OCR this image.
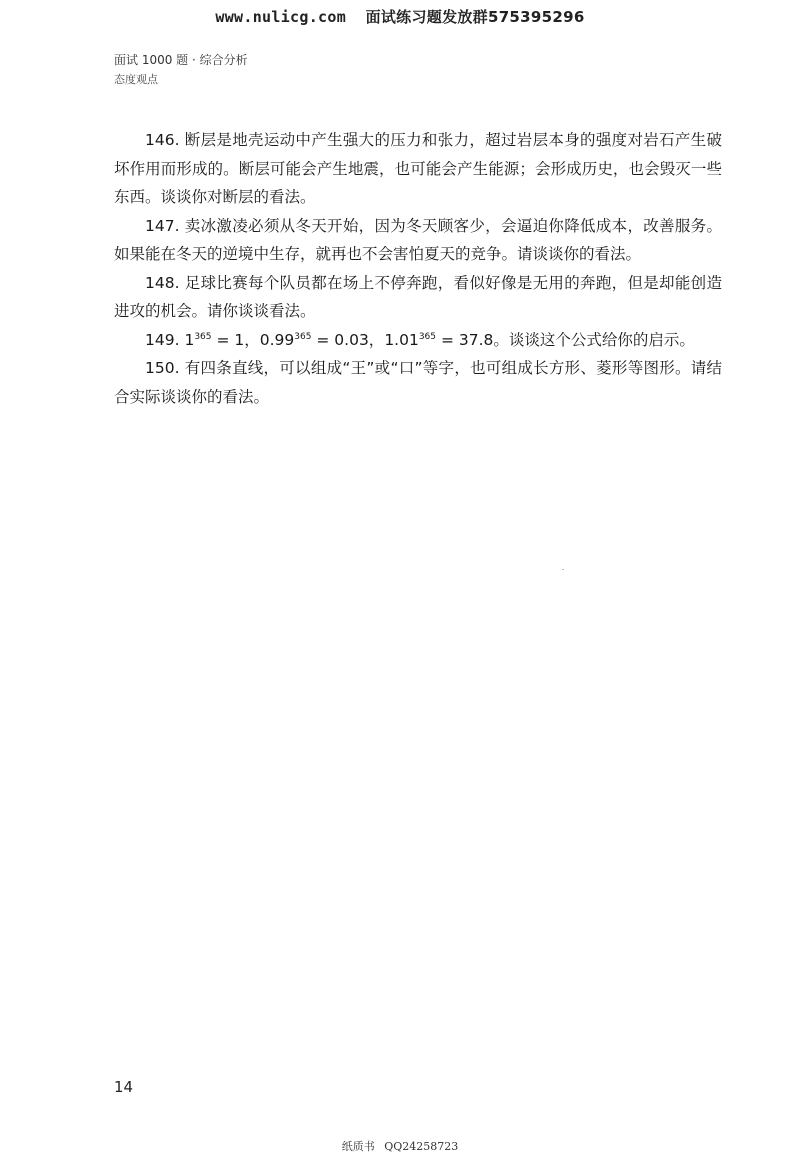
www.nulicg.com 面试练习题发放群575395296
面试 1000 题 · 综合分析
态度观点

146. 断层是地壳运动中产生强大的压力和张力，超过岩层本身的强度对岩石产生破坏作用而形成的。断层可能会产生地震，也可能会产生能源；会形成历史，也会毁灭一些东西。谈谈你对断层的看法。

147. 卖冰激凌必须从冬天开始，因为冬天顾客少，会逼迫你降低成本，改善服务。如果能在冬天的逆境中生存，就再也不会害怕夏天的竞争。请谈谈你的看法。

148. 足球比赛每个队员都在场上不停奔跑，看似好像是无用的奔跑，但是却能创造进攻的机会。请你谈谈看法。

149. $1^{365} = 1$，$0.99^{365} = 0.03$，$1.01^{365} = 37.8$。谈谈这个公式给你的启示。

150. 有四条直线，可以组成“王”或“口”等字，也可组成长方形、菱形等图形。请结合实际谈谈你的看法。

14
纸质书 QQ24258723
